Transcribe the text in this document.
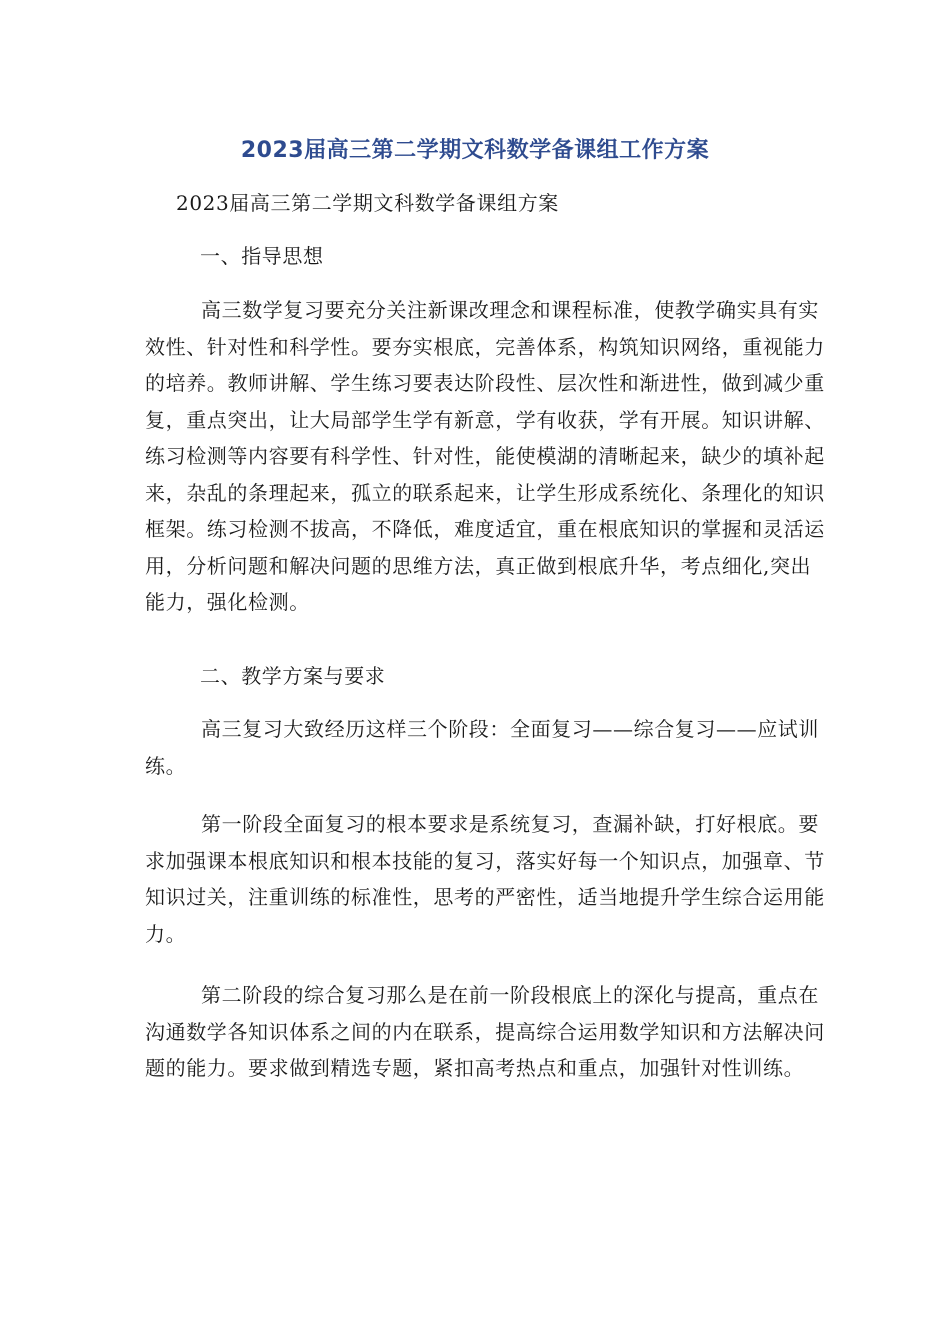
2023届高三第二学期文科数学备课组工作方案
2023届高三第二学期文科数学备课组方案
一、指导思想

高三数学复习要充分关注新课改理念和课程标准，使教学确实具有实效性、针对性和科学性。要夯实根底，完善体系，构筑知识网络，重视能力的培养。教师讲解、学生练习要表达阶段性、层次性和渐进性，做到减少重复，重点突出，让大局部学生学有新意，学有收获，学有开展。知识讲解、练习检测等内容要有科学性、针对性，能使模湖的清晰起来，缺少的填补起来，杂乱的条理起来，孤立的联系起来，让学生形成系统化、条理化的知识框架。练习检测不拔高，不降低，难度适宜，重在根底知识的掌握和灵活运用，分析问题和解决问题的思维方法，真正做到根底升华，考点细化,突出能力，强化检测。

二、教学方案与要求

高三复习大致经历这样三个阶段：全面复习——综合复习——应试训练。

第一阶段全面复习的根本要求是系统复习，查漏补缺，打好根底。要求加强课本根底知识和根本技能的复习，落实好每一个知识点，加强章、节知识过关，注重训练的标准性，思考的严密性，适当地提升学生综合运用能力。

第二阶段的综合复习那么是在前一阶段根底上的深化与提高，重点在沟通数学各知识体系之间的内在联系，提高综合运用数学知识和方法解决问题的能力。要求做到精选专题，紧扣高考热点和重点，加强针对性训练。
